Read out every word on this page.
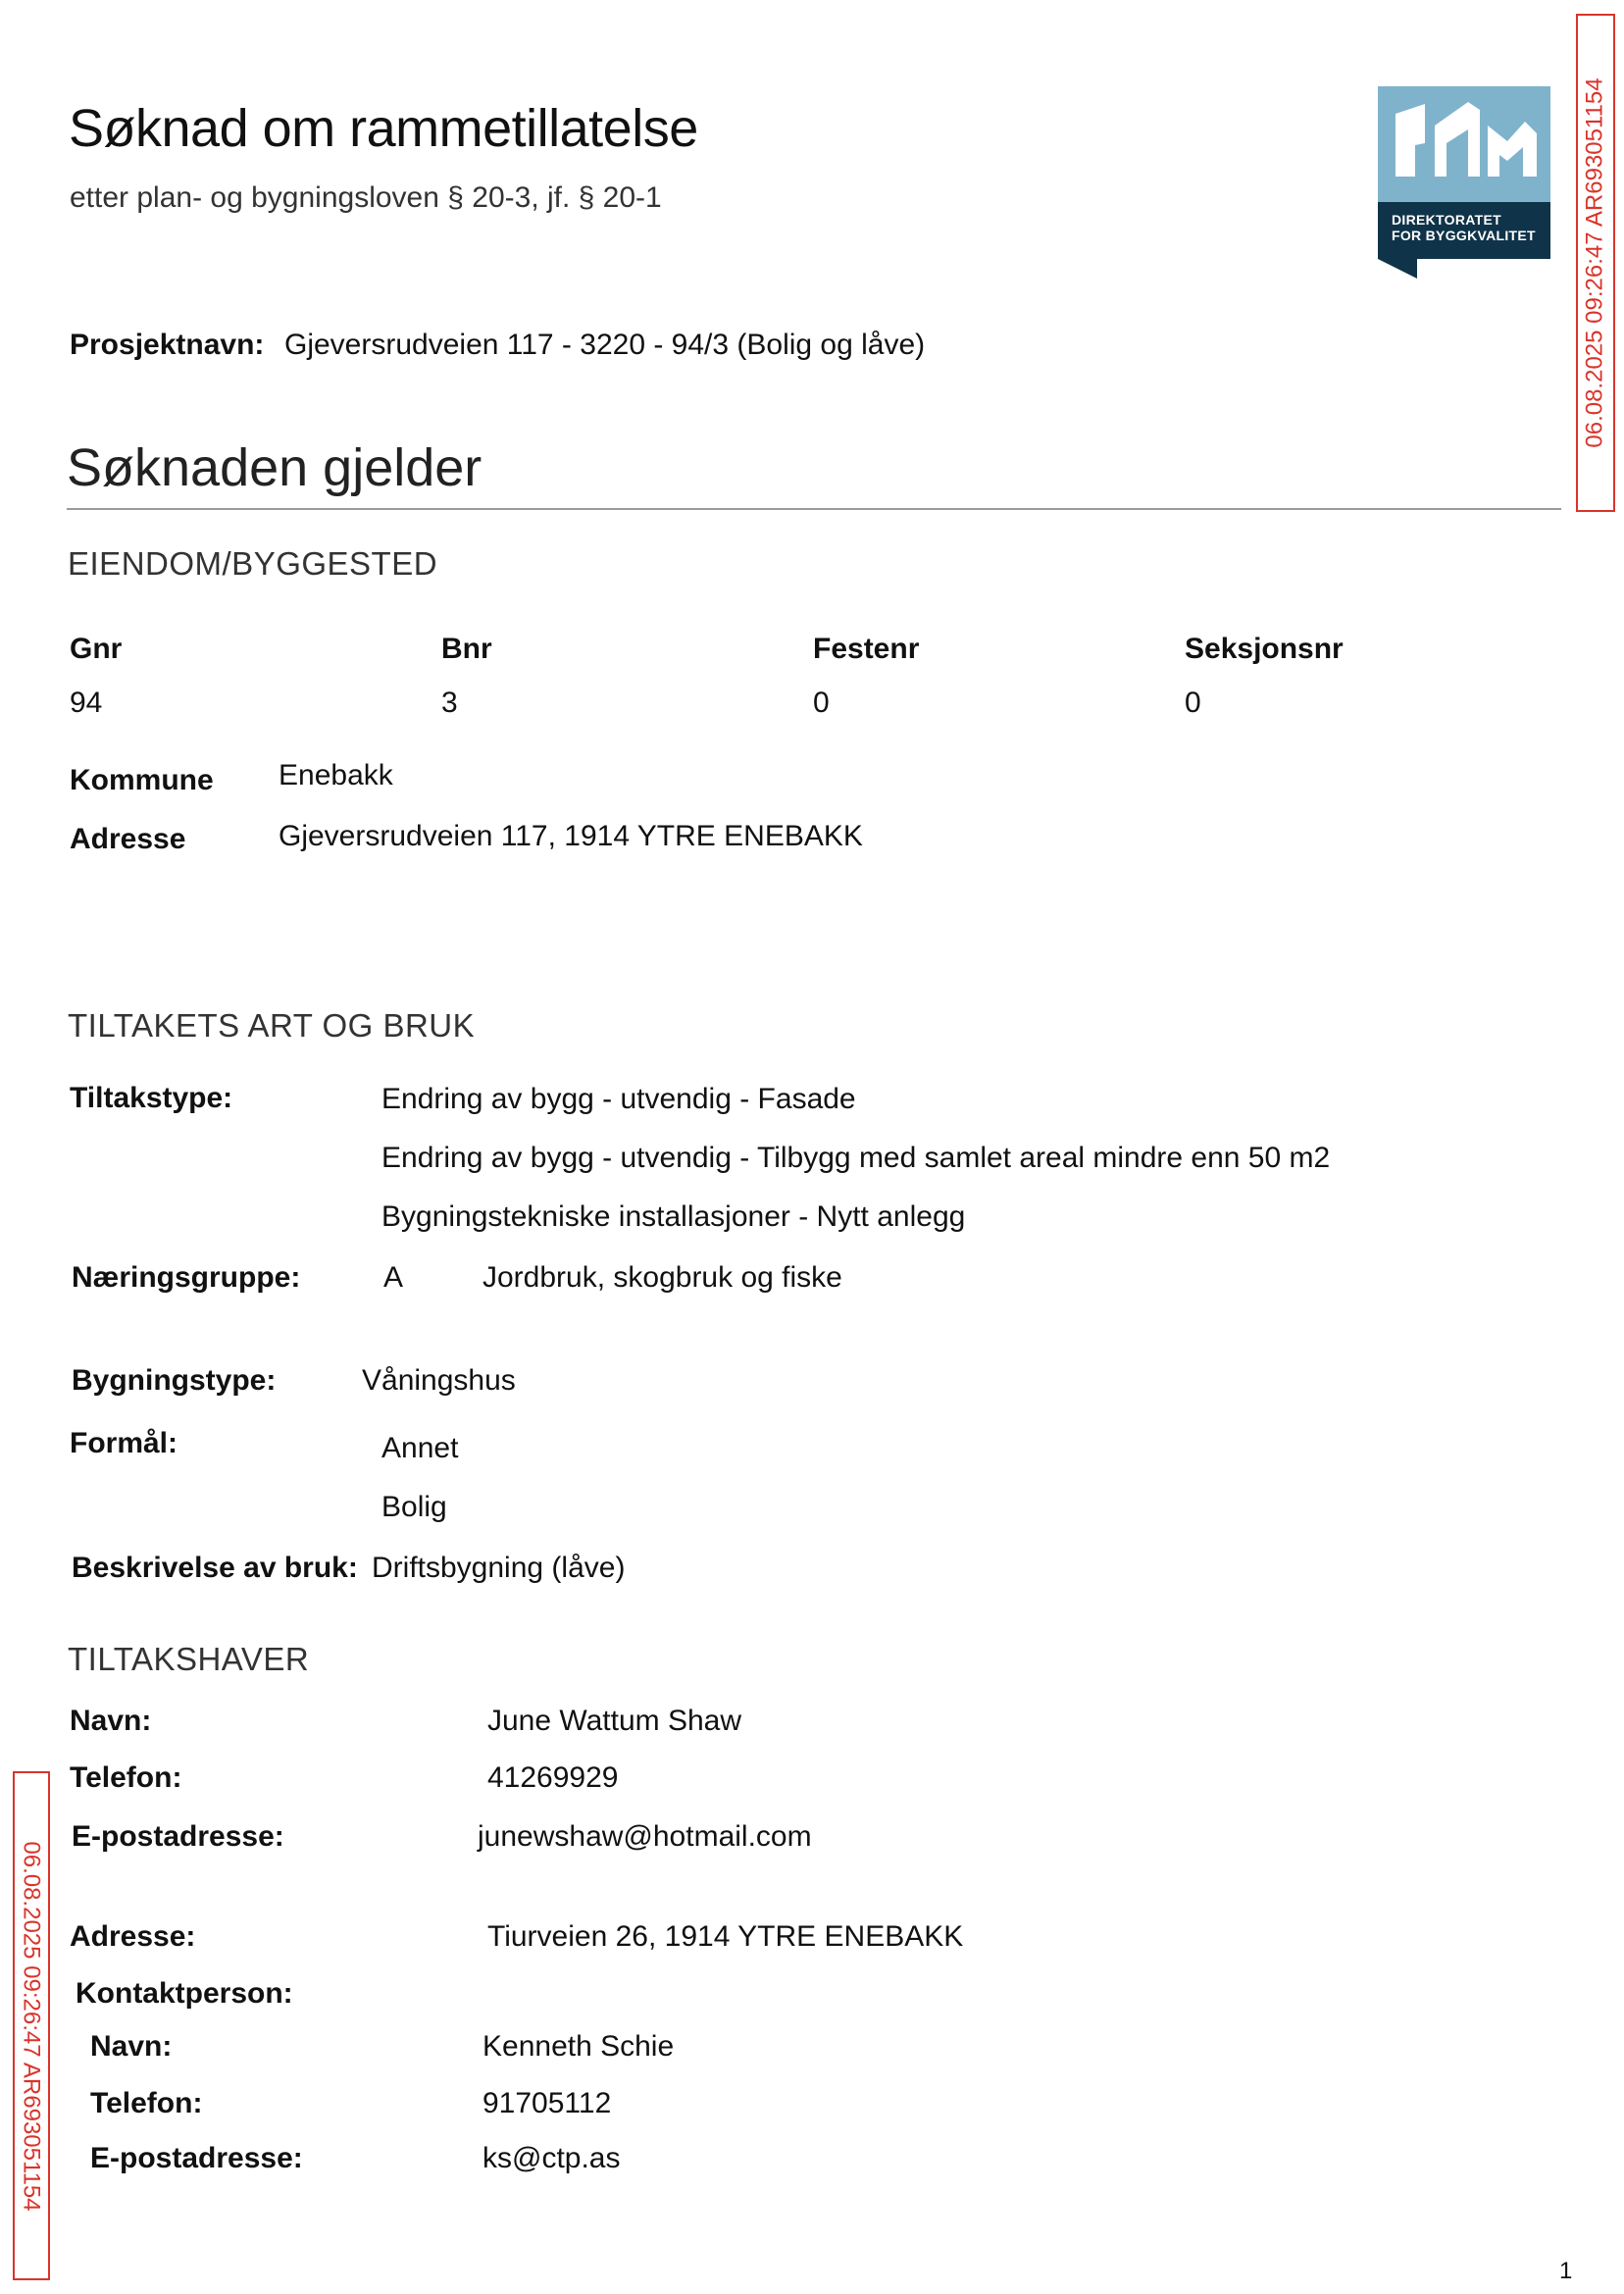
Søknad om rammetillatelse
etter plan- og bygningsloven § 20-3, jf. § 20-1
DIREKTORATET
FOR BYGGKVALITET 06.08.2025 09:26:47 AR693051154
06.08.2025 09:26:47 AR693051154
Prosjektnavn: Gjeversrudveien 117 - 3220 - 94/3 (Bolig og låve)
Søknaden gjelder
EIENDOM/BYGGESTED
Gnr	Bnr	Festenr	Seksjonsnr
94	3	0	0
Kommune Enebakk
Adresse	Gjeversrudveien 117, 1914 YTRE ENEBAKK
TILTAKETS ART OG BRUK
Tiltakstype:	Endring av bygg - utvendig - Fasade
Endring av bygg - utvendig - Tilbygg med samlet areal mindre enn 50 m2
Bygningstekniske installasjoner - Nytt anlegg
Næringsgruppe:	A	Jordbruk, skogbruk og fiske
Bygningstype:	Våningshus
Formål:	Annet
Bolig
Beskrivelse av bruk: Driftsbygning (låve)
TILTAKSHAVER
Navn:	June Wattum Shaw
Telefon:	41269929
E-postadresse:	junewshaw@hotmail.com
Adresse:	Tiurveien 26, 1914 YTRE ENEBAKK
Kontaktperson:
Navn:	Kenneth Schie
Telefon:	91705112
E-postadresse:	ks@ctp.as
1
